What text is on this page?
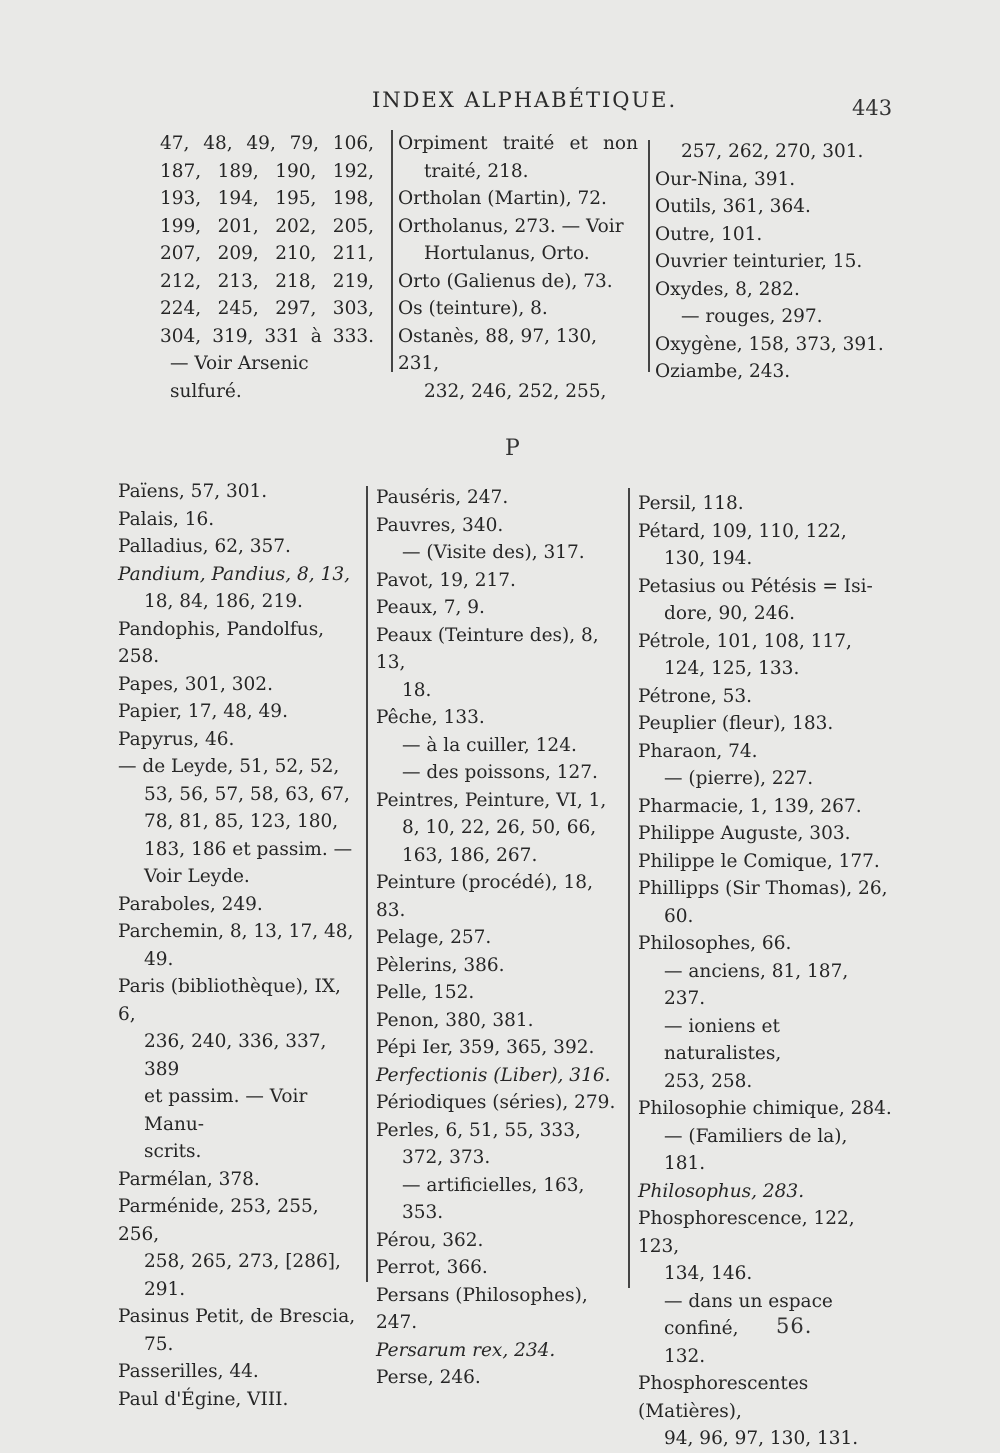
INDEX ALPHABÉTIQUE.	443

47, 48, 49, 79, 106,

187, 189, 190, 192,

193, 194, 195, 198,

199, 201, 202, 205,

207, 209, 210, 211,

212, 213, 218, 219,

224, 245, 297, 303,

304, 319, 331 à 333.

— Voir Arsenic sulfuré.

Orpiment traité et non

traité, 218.

Ortholan (Martin), 72.

Ortholanus, 273. — Voir

Hortulanus, Orto.

Orto (Galienus de), 73.

Os (teinture), 8.

Ostanès, 88, 97, 130, 231,

232, 246, 252, 255,

257, 262, 270, 301.

Our-Nina, 391.

Outils, 361, 364.

Outre, 101.

Ouvrier teinturier, 15.

Oxydes, 8, 282.

— rouges, 297.

Oxygène, 158, 373, 391.

Oziambe, 243.

P

Païens, 57, 301.

Palais, 16.

Palladius, 62, 357.

Pandium, Pandius, 8, 13,

18, 84, 186, 219.

Pandophis, Pandolfus, 258.

Papes, 301, 302.

Papier, 17, 48, 49.

Papyrus, 46.

— de Leyde, 51, 52, 52,

53, 56, 57, 58, 63, 67,

78, 81, 85, 123, 180,

183, 186 et passim. —

Voir Leyde.

Paraboles, 249.

Parchemin, 8, 13, 17, 48,

49.

Paris (bibliothèque), IX, 6,

236, 240, 336, 337, 389

et passim. — Voir Manu-

scrits.

Parmélan, 378.

Parménide, 253, 255, 256,

258, 265, 273, [286],

291.

Pasinus Petit, de Brescia,

75.

Passerilles, 44.

Paul d'Égine, VIII.

Pauséris, 247.

Pauvres, 340.

— (Visite des), 317.

Pavot, 19, 217.

Peaux, 7, 9.

Peaux (Teinture des), 8, 13,

18.

Pêche, 133.

— à la cuiller, 124.

— des poissons, 127.

Peintres, Peinture, VI, 1,

8, 10, 22, 26, 50, 66,

163, 186, 267.

Peinture (procédé), 18, 83.

Pelage, 257.

Pèlerins, 386.

Pelle, 152.

Penon, 380, 381.

Pépi Ier, 359, 365, 392.

Perfectionis (Liber), 316.

Périodiques (séries), 279.

Perles, 6, 51, 55, 333,

372, 373.

— artificielles, 163, 353.

Pérou, 362.

Perrot, 366.

Persans (Philosophes), 247.

Persarum rex, 234.

Perse, 246.

Persil, 118.

Pétard, 109, 110, 122,

130, 194.

Petasius ou Pétésis = Isi-

dore, 90, 246.

Pétrole, 101, 108, 117,

124, 125, 133.

Pétrone, 53.

Peuplier (fleur), 183.

Pharaon, 74.

— (pierre), 227.

Pharmacie, 1, 139, 267.

Philippe Auguste, 303.

Philippe le Comique, 177.

Phillipps (Sir Thomas), 26,

60.

Philosophes, 66.

— anciens, 81, 187, 237.

— ioniens et naturalistes,

253, 258.

Philosophie chimique, 284.

— (Familiers de la), 181.

Philosophus, 283.

Phosphorescence, 122, 123,

134, 146.

— dans un espace confiné,

132.

Phosphorescentes (Matières),

94, 96, 97, 130, 131.

56.
